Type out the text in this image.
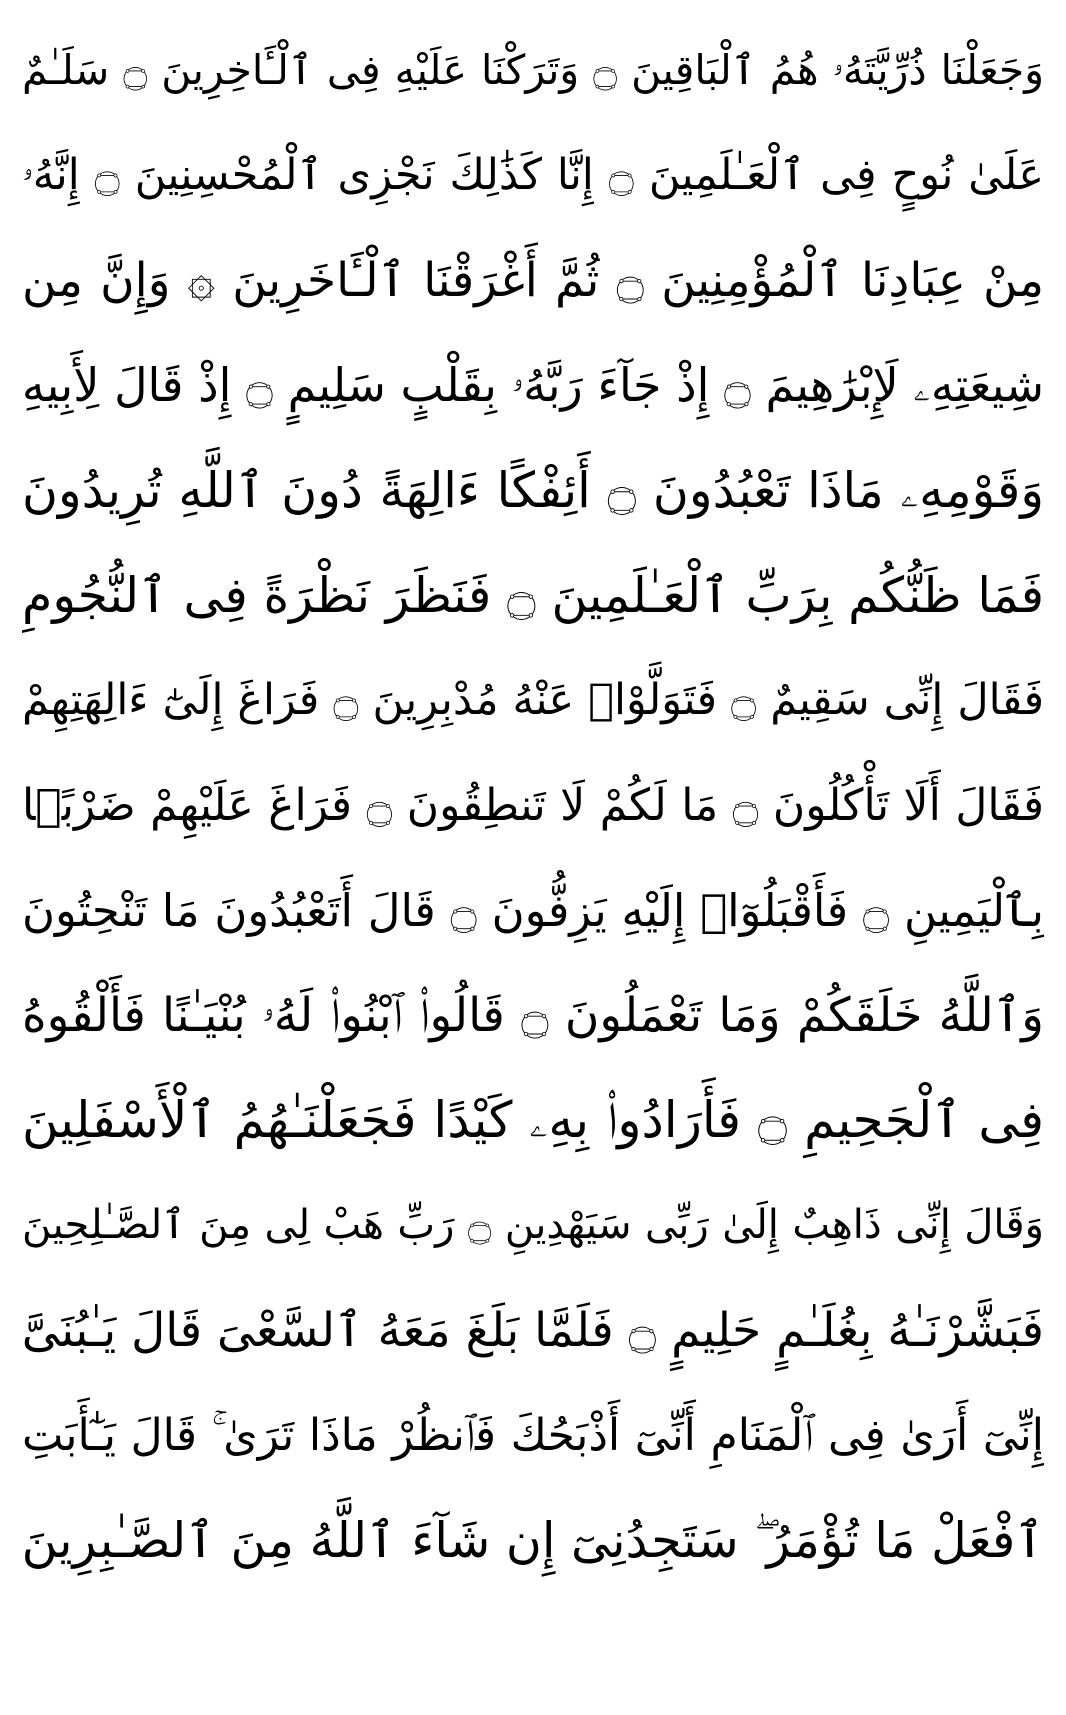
وَجَعَلْنَا ذُرِّيَّتَهُۥ هُمُ ٱلْبَاقِينَ ۝ وَتَرَكْنَا عَلَيْهِ فِى ٱلْـَٔاخِرِينَ ۝ سَلَـٰمٌ
عَلَىٰ نُوحٍ فِى ٱلْعَـٰلَمِينَ ۝ إِنَّا كَذَٰلِكَ نَجْزِى ٱلْمُحْسِنِينَ ۝ إِنَّهُۥ
مِنْ عِبَادِنَا ٱلْمُؤْمِنِينَ ۝ ثُمَّ أَغْرَقْنَا ٱلْـَٔاخَرِينَ ۞ وَإِنَّ مِن
شِيعَتِهِۦ لَإِبْرَٰهِيمَ ۝ إِذْ جَآءَ رَبَّهُۥ بِقَلْبٍ سَلِيمٍ ۝ إِذْ قَالَ لِأَبِيهِ
وَقَوْمِهِۦ مَاذَا تَعْبُدُونَ ۝ أَئِفْكًا ءَالِهَةً دُونَ ٱللَّهِ تُرِيدُونَ
فَمَا ظَنُّكُم بِرَبِّ ٱلْعَـٰلَمِينَ ۝ فَنَظَرَ نَظْرَةً فِى ٱلنُّجُومِ
فَقَالَ إِنِّى سَقِيمٌ ۝ فَتَوَلَّوْا۟ عَنْهُ مُدْبِرِينَ ۝ فَرَاغَ إِلَىٰٓ ءَالِهَتِهِمْ
فَقَالَ أَلَا تَأْكُلُونَ ۝ مَا لَكُمْ لَا تَنطِقُونَ ۝ فَرَاغَ عَلَيْهِمْ ضَرْبًۢا
بِٱلْيَمِينِ ۝ فَأَقْبَلُوٓا۟ إِلَيْهِ يَزِفُّونَ ۝ قَالَ أَتَعْبُدُونَ مَا تَنْحِتُونَ
وَٱللَّهُ خَلَقَكُمْ وَمَا تَعْمَلُونَ ۝ قَالُوا۟ ٱبْنُوا۟ لَهُۥ بُنْيَـٰنًا فَأَلْقُوهُ
فِى ٱلْجَحِيمِ ۝ فَأَرَادُوا۟ بِهِۦ كَيْدًا فَجَعَلْنَـٰهُمُ ٱلْأَسْفَلِينَ
وَقَالَ إِنِّى ذَاهِبٌ إِلَىٰ رَبِّى سَيَهْدِينِ ۝ رَبِّ هَبْ لِى مِنَ ٱلصَّـٰلِحِينَ
فَبَشَّرْنَـٰهُ بِغُلَـٰمٍ حَلِيمٍ ۝ فَلَمَّا بَلَغَ مَعَهُ ٱلسَّعْىَ قَالَ يَـٰبُنَىَّ
إِنِّىٓ أَرَىٰ فِى ٱلْمَنَامِ أَنِّىٓ أَذْبَحُكَ فَٱنظُرْ مَاذَا تَرَىٰ ۚ قَالَ يَـٰٓأَبَتِ
ٱفْعَلْ مَا تُؤْمَرُ ۖ سَتَجِدُنِىٓ إِن شَآءَ ٱللَّهُ مِنَ ٱلصَّـٰبِرِينَ
